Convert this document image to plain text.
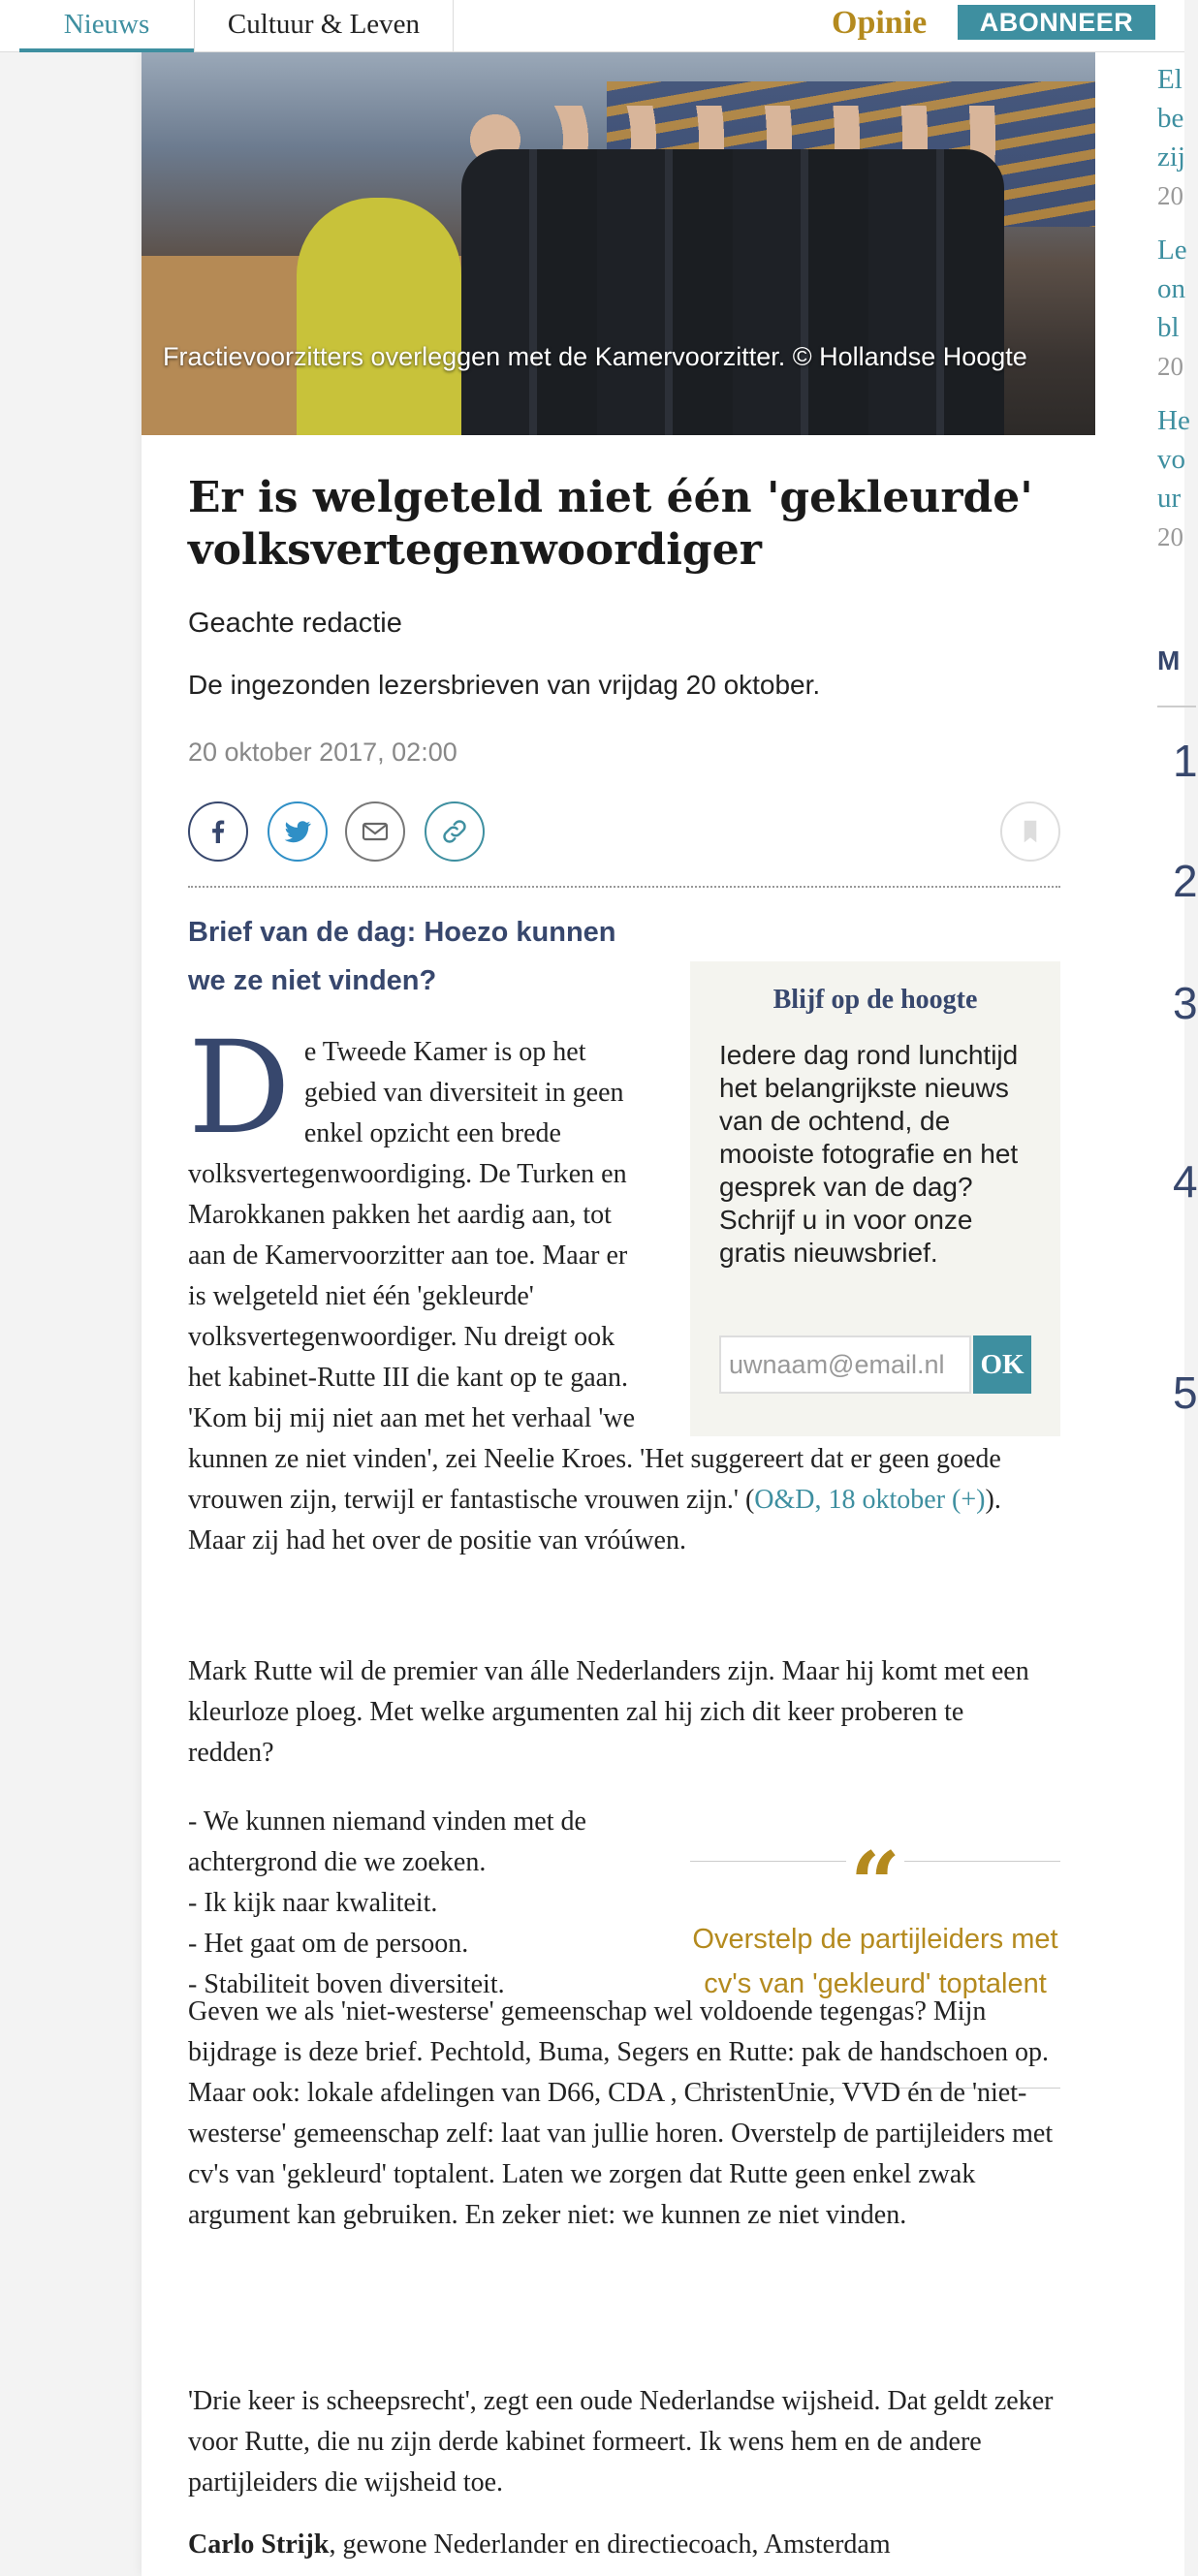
Nieuws	Cultuur & Leven	Opinie	ABONNEER
Fractievoorzitters overleggen met de Kamervoorzitter. © Hollandse Hoogte
Er is welgeteld niet één 'gekleurde' volksvertegenwoordiger
Geachte redactie
De ingezonden lezersbrieven van vrijdag 20 oktober.
20 oktober 2017, 02:00
Brief van de dag: Hoezo kunnen we ze niet vinden?
Blijf op de hoogte
Iedere dag rond lunchtijd het belangrijkste nieuws van de ochtend, de mooiste fotografie en het gesprek van de dag? Schrijf u in voor onze gratis nieuwsbrief.
uwnaam@email.nl	OK
De Tweede Kamer is op het gebied van diversiteit in geen enkel opzicht een brede volksvertegenwoordiging. De Turken en Marokkanen pakken het aardig aan, tot aan de Kamervoorzitter aan toe. Maar er is welgeteld niet één 'gekleurde' volksvertegenwoordiger. Nu dreigt ook het kabinet-Rutte III die kant op te gaan. 'Kom bij mij niet aan met het verhaal 'we kunnen ze niet vinden', zei Neelie Kroes. 'Het suggereert dat er geen goede vrouwen zijn, terwijl er fantastische vrouwen zijn.' (O&D, 18 oktober (+)). Maar zij had het over de positie van vróúwen.
Mark Rutte wil de premier van álle Nederlanders zijn. Maar hij komt met een kleurloze ploeg. Met welke argumenten zal hij zich dit keer proberen te redden?
- We kunnen niemand vinden met de achtergrond die we zoeken.
- Ik kijk naar kwaliteit.
- Het gaat om de persoon.
- Stabiliteit boven diversiteit.
“
Overstelp de partijleiders met cv's van 'gekleurd' toptalent
Geven we als 'niet-westerse' gemeenschap wel voldoende tegengas? Mijn bijdrage is deze brief. Pechtold, Buma, Segers en Rutte: pak de handschoen op. Maar ook: lokale afdelingen van D66, CDA , ChristenUnie, VVD én de 'niet-westerse' gemeenschap zelf: laat van jullie horen. Overstelp de partijleiders met cv's van 'gekleurd' toptalent. Laten we zorgen dat Rutte geen enkel zwak argument kan gebruiken. En zeker niet: we kunnen ze niet vinden.
'Drie keer is scheepsrecht', zegt een oude Nederlandse wijsheid. Dat geldt zeker voor Rutte, die nu zijn derde kabinet formeert. Ik wens hem en de andere partijleiders die wijsheid toe.
Carlo Strijk, gewone Nederlander en directiecoach, Amsterdam
El
be
zij
20
Le
on
bl
20
He
vo
ur
20
M
1
2
3
4
5
